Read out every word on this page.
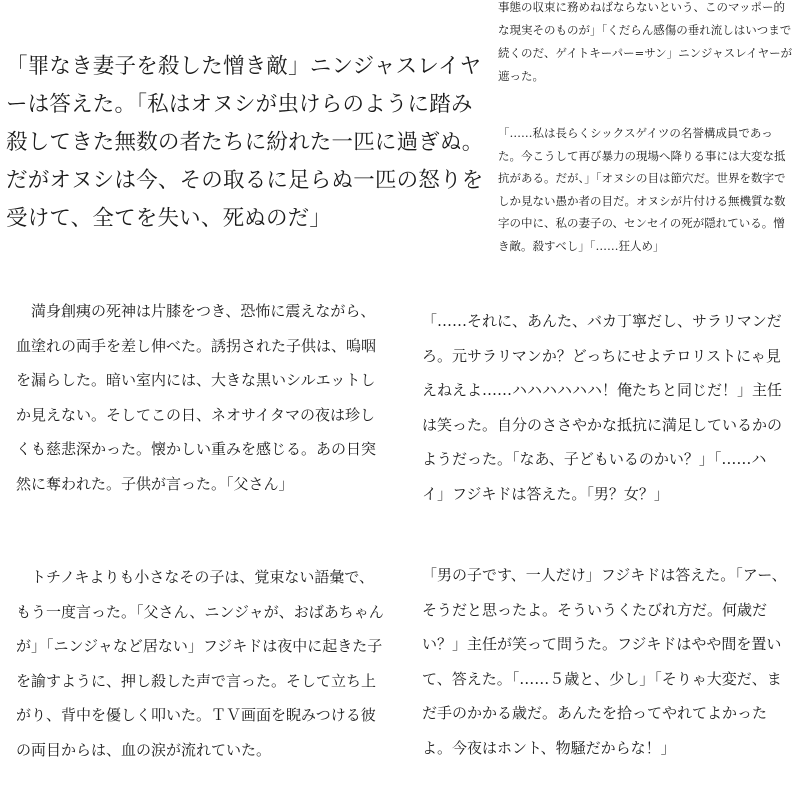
事態の収束に務めねばならないという、このマッポー的な現実そのものが」「くだらん感傷の垂れ流しはいつまで続くのだ、ゲイトキーパー=サン」ニンジャスレイヤーが遮った。

「罪なき妻子を殺した憎き敵」ニンジャスレイヤーは答えた。「私はオヌシが虫けらのように踏み殺してきた無数の者たちに紛れた一匹に過ぎぬ。だがオヌシは今、その取るに足らぬ一匹の怒りを受けて、全てを失い、死ぬのだ」

「……私は長らくシックスゲイツの名誉構成員であった。今こうして再び暴力の現場へ降りる事には大変な抵抗がある。だが、」「オヌシの目は節穴だ。世界を数字でしか見ない愚か者の目だ。オヌシが片付ける無機質な数字の中に、私の妻子の、センセイの死が隠れている。憎き敵。殺すべし」「……狂人め」

　満身創痍の死神は片膝をつき、恐怖に震えながら、血塗れの両手を差し伸べた。誘拐された子供は、嗚咽を漏らした。暗い室内には、大きな黒いシルエットしか見えない。そしてこの日、ネオサイタマの夜は珍しくも慈悲深かった。懐かしい重みを感じる。あの日突然に奪われた。子供が言った。「父さん」

「……それに、あんた、バカ丁寧だし、サラリマンだろ。元サラリマンか？どっちにせよテロリストにゃ見えねえよ……ハハハハハハ！俺たちと同じだ！」主任は笑った。自分のささやかな抵抗に満足しているかのようだった。「なあ、子どもいるのかい？」「……ハイ」フジキドは答えた。「男？女？」

　トチノキよりも小さなその子は、覚束ない語彙で、もう一度言った。「父さん、ニンジャが、おばあちゃんが」「ニンジャなど居ない」フジキドは夜中に起きた子を諭すように、押し殺した声で言った。そして立ち上がり、背中を優しく叩いた。ＴＶ画面を睨みつける彼の両目からは、血の涙が流れていた。

「男の子です、一人だけ」フジキドは答えた。「アー、そうだと思ったよ。そういうくたびれ方だ。何歳だい？」主任が笑って問うた。フジキドはやや間を置いて、答えた。「……５歳と、少し」「そりゃ大変だ、まだ手のかかる歳だ。あんたを拾ってやれてよかったよ。今夜はホント、物騒だからな！」
